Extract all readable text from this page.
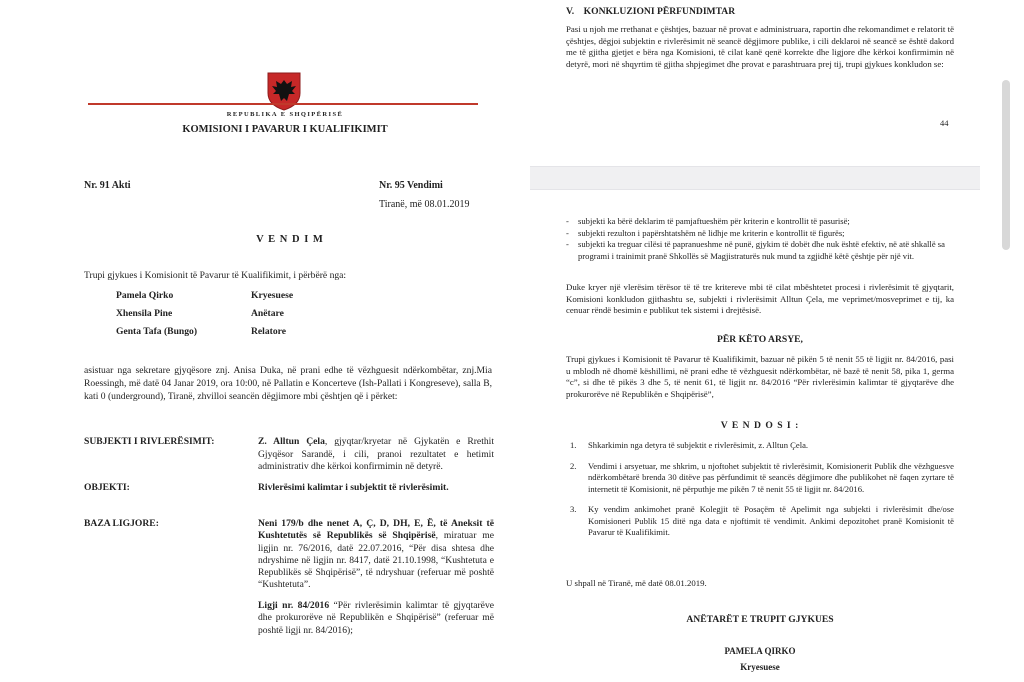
REPUBLIKA E SHQIPËRISË

KOMISIONI I PAVARUR I KUALIFIKIMIT

Nr. 91 Akti	Nr. 95 Vendimi

Tiranë, më 08.01.2019

V E N D I M

Trupi gjykues i Komisionit të Pavarur të Kualifikimit, i përbërë nga:

Pamela Qirko	Kryesuese

Xhensila Pine	Anëtare

Genta Tafa (Bungo)	Relatore

asistuar nga sekretare gjyqësore znj. Anisa Duka, në prani edhe të vëzhguesit ndërkombëtar, znj.Mia Roessingh, më datë 04 Janar 2019, ora 10:00, në Pallatin e Koncerteve (Ish-Pallati i Kongreseve), salla B, kati 0 (underground), Tiranë, zhvilloi seancën dëgjimore mbi çështjen që i përket:

SUBJEKTI I RIVLERËSIMIT:	Z. Alltun Çela, gjyqtar/kryetar në Gjykatën e Rrethit Gjyqësor Sarandë, i cili, pranoi rezultatet e hetimit administrativ dhe kërkoi konfirmimin në detyrë.

OBJEKTI:	Rivlerësimi kalimtar i subjektit të rivlerësimit.

BAZA LIGJORE:	Neni 179/b dhe nenet A, Ç, D, DH, E, Ë, të Aneksit të Kushtetutës së Republikës së Shqipërisë, miratuar me ligjin nr. 76/2016, datë 22.07.2016, “Për disa shtesa dhe ndryshime në ligjin nr. 8417, datë 21.10.1998, “Kushtetuta e Republikës së Shqipërisë”, të ndryshuar (referuar më poshtë “Kushtetuta”.

Ligji nr. 84/2016 “Për rivlerësimin kalimtar të gjyqtarëve dhe prokurorëve në Republikën e Shqipërisë” (referuar më poshtë ligji nr. 84/2016);

V.    KONKLUZIONI PËRFUNDIMTAR

Pasi u njoh me rrethanat e çështjes, bazuar në provat e administruara, raportin dhe rekomandimet e relatorit të çështjes, dëgjoi subjektin e rivlerësimit në seancë dëgjimore publike, i cili deklaroi në seancë se është dakord me të gjitha gjetjet e bëra nga Komisioni, të cilat kanë qenë korrekte dhe ligjore dhe kërkoi konfirmimin në detyrë, mori në shqyrtim të gjitha shpjegimet dhe provat e parashtruara prej tij, trupi gjykues konkludon se:

44

- subjekti ka bërë deklarim të pamjaftueshëm për kriterin e kontrollit të pasurisë;
- subjekti rezulton i papërshtatshëm në lidhje me kriterin e kontrollit të figurës;
- subjekti ka treguar cilësi të papranueshme në punë, gjykim të dobët dhe nuk është efektiv, në atë shkallë sa programi i trainimit pranë Shkollës së Magjistraturës nuk mund ta zgjidhë këtë çështje për një vit.

Duke kryer një vlerësim tërësor të të tre kritereve mbi të cilat mbështetet procesi i rivlerësimit të gjyqtarit, Komisioni konkludon gjithashtu se, subjekti i rivlerësimit Alltun Çela, me veprimet/mosveprimet e tij, ka cenuar rëndë besimin e publikut tek sistemi i drejtësisë.

PËR KËTO ARSYE,

Trupi gjykues i Komisionit të Pavarur të Kualifikimit, bazuar në pikën 5 të nenit 55 të ligjit nr. 84/2016, pasi u mblodh në dhomë këshillimi, në prani edhe të vëzhguesit ndërkombëtar, në bazë të nenit 58, pika 1, germa “c”, si dhe të pikës 3 dhe 5, të nenit 61, të ligjit nr. 84/2016 “Për rivlerësimin kalimtar të gjyqtarëve dhe prokurorëve në Republikën e Shqipërisë”,

V E N D O S I :

1. Shkarkimin nga detyra të subjektit e rivlerësimit, z. Alltun Çela.
2. Vendimi i arsyetuar, me shkrim, u njoftohet subjektit të rivlerësimit, Komisionerit Publik dhe vëzhguesve ndërkombëtarë brenda 30 ditëve pas përfundimit të seancës dëgjimore dhe publikohet në faqen zyrtare të internetit të Komisionit, në përputhje me pikën 7 të nenit 55 të ligjit nr. 84/2016.
3. Ky vendim ankimohet pranë Kolegjit të Posaçëm të Apelimit nga subjekti i rivlerësimit dhe/ose Komisioneri Publik 15 ditë nga data e njoftimit të vendimit. Ankimi depozitohet pranë Komisionit të Pavarur të Kualifikimit.

U shpall në Tiranë, më datë 08.01.2019.

ANËTARËT E TRUPIT GJYKUES

PAMELA QIRKO

Kryesuese
